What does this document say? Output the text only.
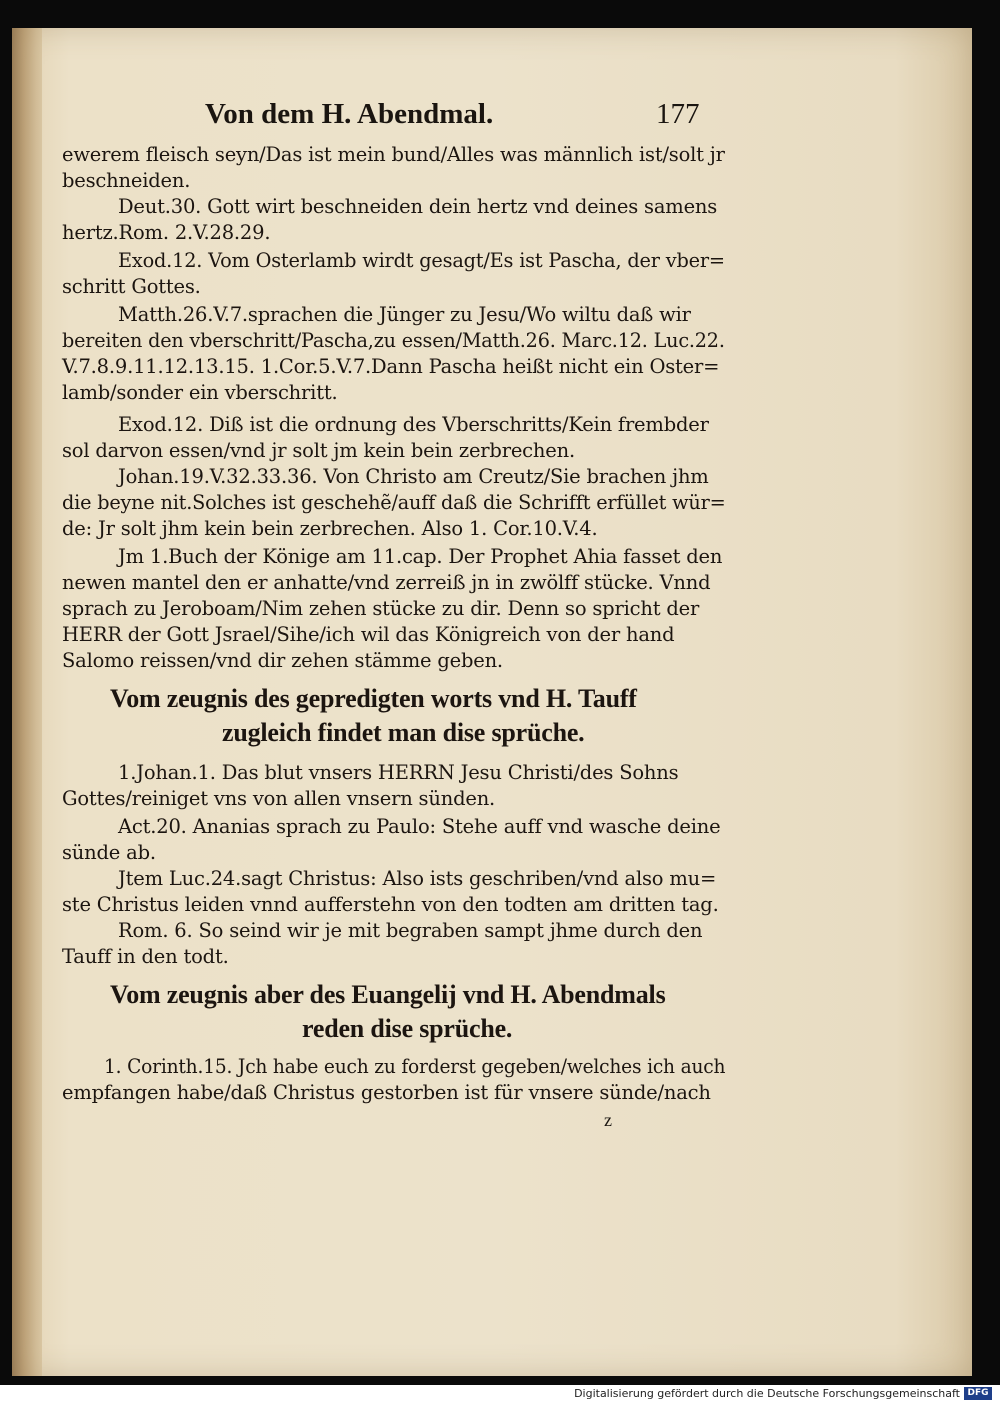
Von dem H. Abendmal.	177
ewerem fleisch seyn/Das ist mein bund/Alles was männlich ist/solt jr
beschneiden.
Deut.30. Gott wirt beschneiden dein hertz vnd deines samens
hertz.Rom. 2.V.28.29.
Exod.12. Vom Osterlamb wirdt gesagt/Es ist Pascha, der vber=
schritt Gottes.
Matth.26.V.7.sprachen die Jünger zu Jesu/Wo wiltu daß wir
bereiten den vberschritt/Pascha,zu essen/Matth.26. Marc.12. Luc.22.
V.7.8.9.11.12.13.15. 1.Cor.5.V.7.Dann Pascha heißt nicht ein Oster=
lamb/sonder ein vberschritt.
Exod.12. Diß ist die ordnung des Vberschritts/Kein frembder
sol darvon essen/vnd jr solt jm kein bein zerbrechen.
Johan.19.V.32.33.36. Von Christo am Creutz/Sie brachen jhm
die beyne nit.Solches ist geschehẽ/auff daß die Schrifft erfüllet wür=
de: Jr solt jhm kein bein zerbrechen. Also 1. Cor.10.V.4.
Jm 1.Buch der Könige am 11.cap. Der Prophet Ahia fasset den
newen mantel den er anhatte/vnd zerreiß jn in zwölff stücke. Vnnd
sprach zu Jeroboam/Nim zehen stücke zu dir. Denn so spricht der
HERR der Gott Jsrael/Sihe/ich wil das Königreich von der hand
Salomo reissen/vnd dir zehen stämme geben.
Vom zeugnis des gepredigten worts vnd H. Tauff
zugleich findet man dise sprüche.
1.Johan.1. Das blut vnsers HERRN Jesu Christi/des Sohns
Gottes/reiniget vns von allen vnsern sünden.
Act.20. Ananias sprach zu Paulo: Stehe auff vnd wasche deine
sünde ab.
Jtem Luc.24.sagt Christus: Also ists geschriben/vnd also mu=
ste Christus leiden vnnd aufferstehn von den todten am dritten tag.
Rom. 6. So seind wir je mit begraben sampt jhme durch den
Tauff in den todt.
Vom zeugnis aber des Euangelij vnd H. Abendmals
reden dise sprüche.
1. Corinth.15. Jch habe euch zu forderst gegeben/welches ich auch
empfangen habe/daß Christus gestorben ist für vnsere sünde/nach
z
Digitalisierung gefördert durch die Deutsche Forschungsgemeinschaft DFG
